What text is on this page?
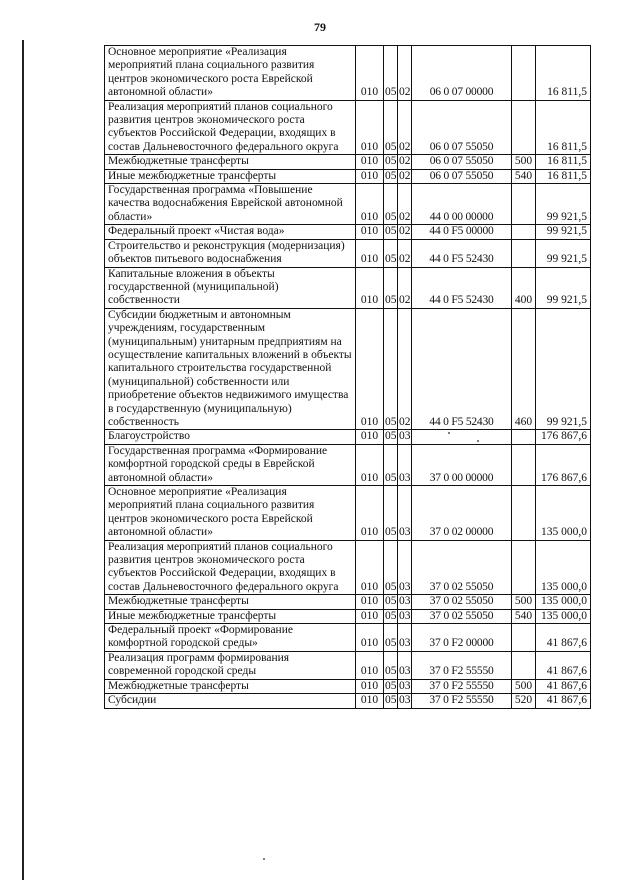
79
Основное мероприятие «Реализация мероприятий плана социального развития центров экономического роста Еврейской автономной области»	010	05	02	06 0 07 00000		16 811,5
Реализация мероприятий планов социального развития центров экономического роста субъектов Российской Федерации, входящих в состав Дальневосточного федерального округа	010	05	02	06 0 07 55050		16 811,5
Межбюджетные трансферты	010	05	02	06 0 07 55050	500	16 811,5
Иные межбюджетные трансферты	010	05	02	06 0 07 55050	540	16 811,5
Государственная программа «Повышение качества водоснабжения Еврейской автономной области»	010	05	02	44 0 00 00000		99 921,5
Федеральный проект «Чистая вода»	010	05	02	44 0 F5 00000		99 921,5
Строительство и реконструкция (модернизация) объектов питьевого водоснабжения	010	05	02	44 0 F5 52430		99 921,5
Капитальные вложения в объекты государственной (муниципальной) собственности	010	05	02	44 0 F5 52430	400	99 921,5
Субсидии бюджетным и автономным учреждениям, государственным (муниципальным) унитарным предприятиям на осуществление капитальных вложений в объекты капитального строительства государственной (муниципальной) собственности или приобретение объектов недвижимого имущества в государственную (муниципальную) собственность	010	05	02	44 0 F5 52430	460	99 921,5
Благоустройство	010	05	03			176 867,6
Государственная программа «Формирование комфортной городской среды в Еврейской автономной области»	010	05	03	37 0 00 00000		176 867,6
Основное мероприятие «Реализация мероприятий плана социального развития центров экономического роста Еврейской автономной области»	010	05	03	37 0 02 00000		135 000,0
Реализация мероприятий планов социального развития центров экономического роста субъектов Российской Федерации, входящих в состав Дальневосточного федерального округа	010	05	03	37 0 02 55050		135 000,0
Межбюджетные трансферты	010	05	03	37 0 02 55050	500	135 000,0
Иные межбюджетные трансферты	010	05	03	37 0 02 55050	540	135 000,0
Федеральный проект «Формирование комфортной городской среды»	010	05	03	37 0 F2 00000		41 867,6
Реализация программ формирования современной городской среды	010	05	03	37 0 F2 55550		41 867,6
Межбюджетные трансферты	010	05	03	37 0 F2 55550	500	41 867,6
Субсидии	010	05	03	37 0 F2 55550	520	41 867,6
